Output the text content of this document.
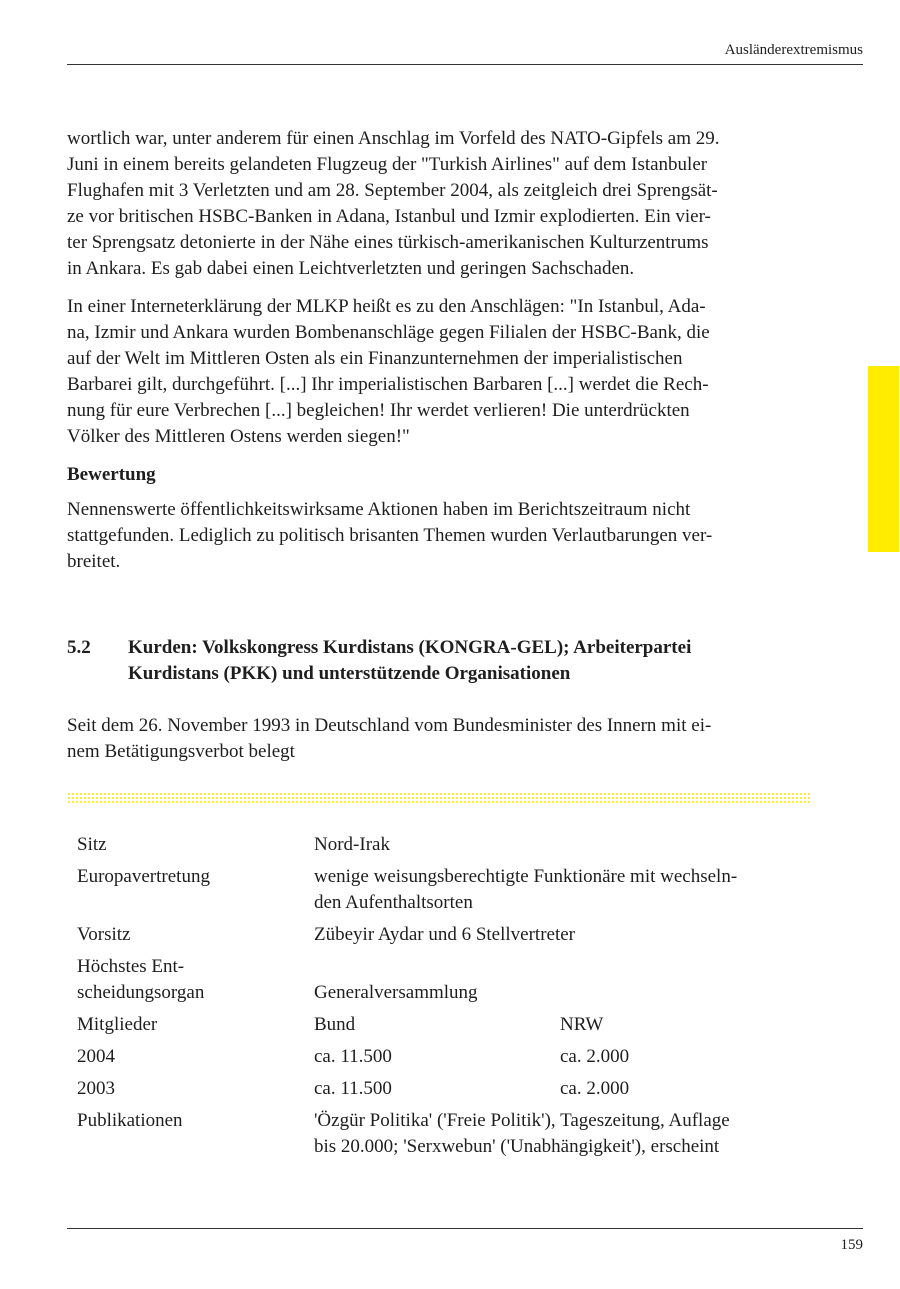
Ausländerextremismus

wortlich war, unter anderem für einen Anschlag im Vorfeld des NATO-Gipfels am 29.
Juni in einem bereits gelandeten Flugzeug der "Turkish Airlines" auf dem Istanbuler
Flughafen mit 3 Verletzten und am 28. September 2004, als zeitgleich drei Sprengsät-
ze vor britischen HSBC-Banken in Adana, Istanbul und Izmir explodierten. Ein vier-
ter Sprengsatz detonierte in der Nähe eines türkisch-amerikanischen Kulturzentrums
in Ankara. Es gab dabei einen Leichtverletzten und geringen Sachschaden.

In einer Interneterklärung der MLKP heißt es zu den Anschlägen: "In Istanbul, Ada-
na, Izmir und Ankara wurden Bombenanschläge gegen Filialen der HSBC-Bank, die
auf der Welt im Mittleren Osten als ein Finanzunternehmen der imperialistischen
Barbarei gilt, durchgeführt. [...] Ihr imperialistischen Barbaren [...] werdet die Rech-
nung für eure Verbrechen [...] begleichen! Ihr werdet verlieren! Die unterdrückten
Völker des Mittleren Ostens werden siegen!"

Bewertung

Nennenswerte öffentlichkeitswirksame Aktionen haben im Berichtszeitraum nicht
stattgefunden. Lediglich zu politisch brisanten Themen wurden Verlautbarungen ver-
breitet.

5.2 Kurden: Volkskongress Kurdistans (KONGRA-GEL); Arbeiterpartei
Kurdistans (PKK) und unterstützende Organisationen
Seit dem 26. November 1993 in Deutschland vom Bundesminister des Innern mit ei-
nem Betätigungsverbot belegt
Sitz	Nord-Irak
Europavertretung	wenige weisungsberechtigte Funktionäre mit wechseln-
den Aufenthaltsorten
Vorsitz	Zübeyir Aydar und 6 Stellvertreter
Höchstes Ent-
scheidungsorgan
	Generalversammlung
Mitglieder	Bund	NRW
2004	ca. 11.500	ca. 2.000
2003	ca. 11.500	ca. 2.000
Publikationen	'Özgür Politika' ('Freie Politik'), Tageszeitung, Auflage
bis 20.000; 'Serxwebun' ('Unabhängigkeit'), erscheint
159
